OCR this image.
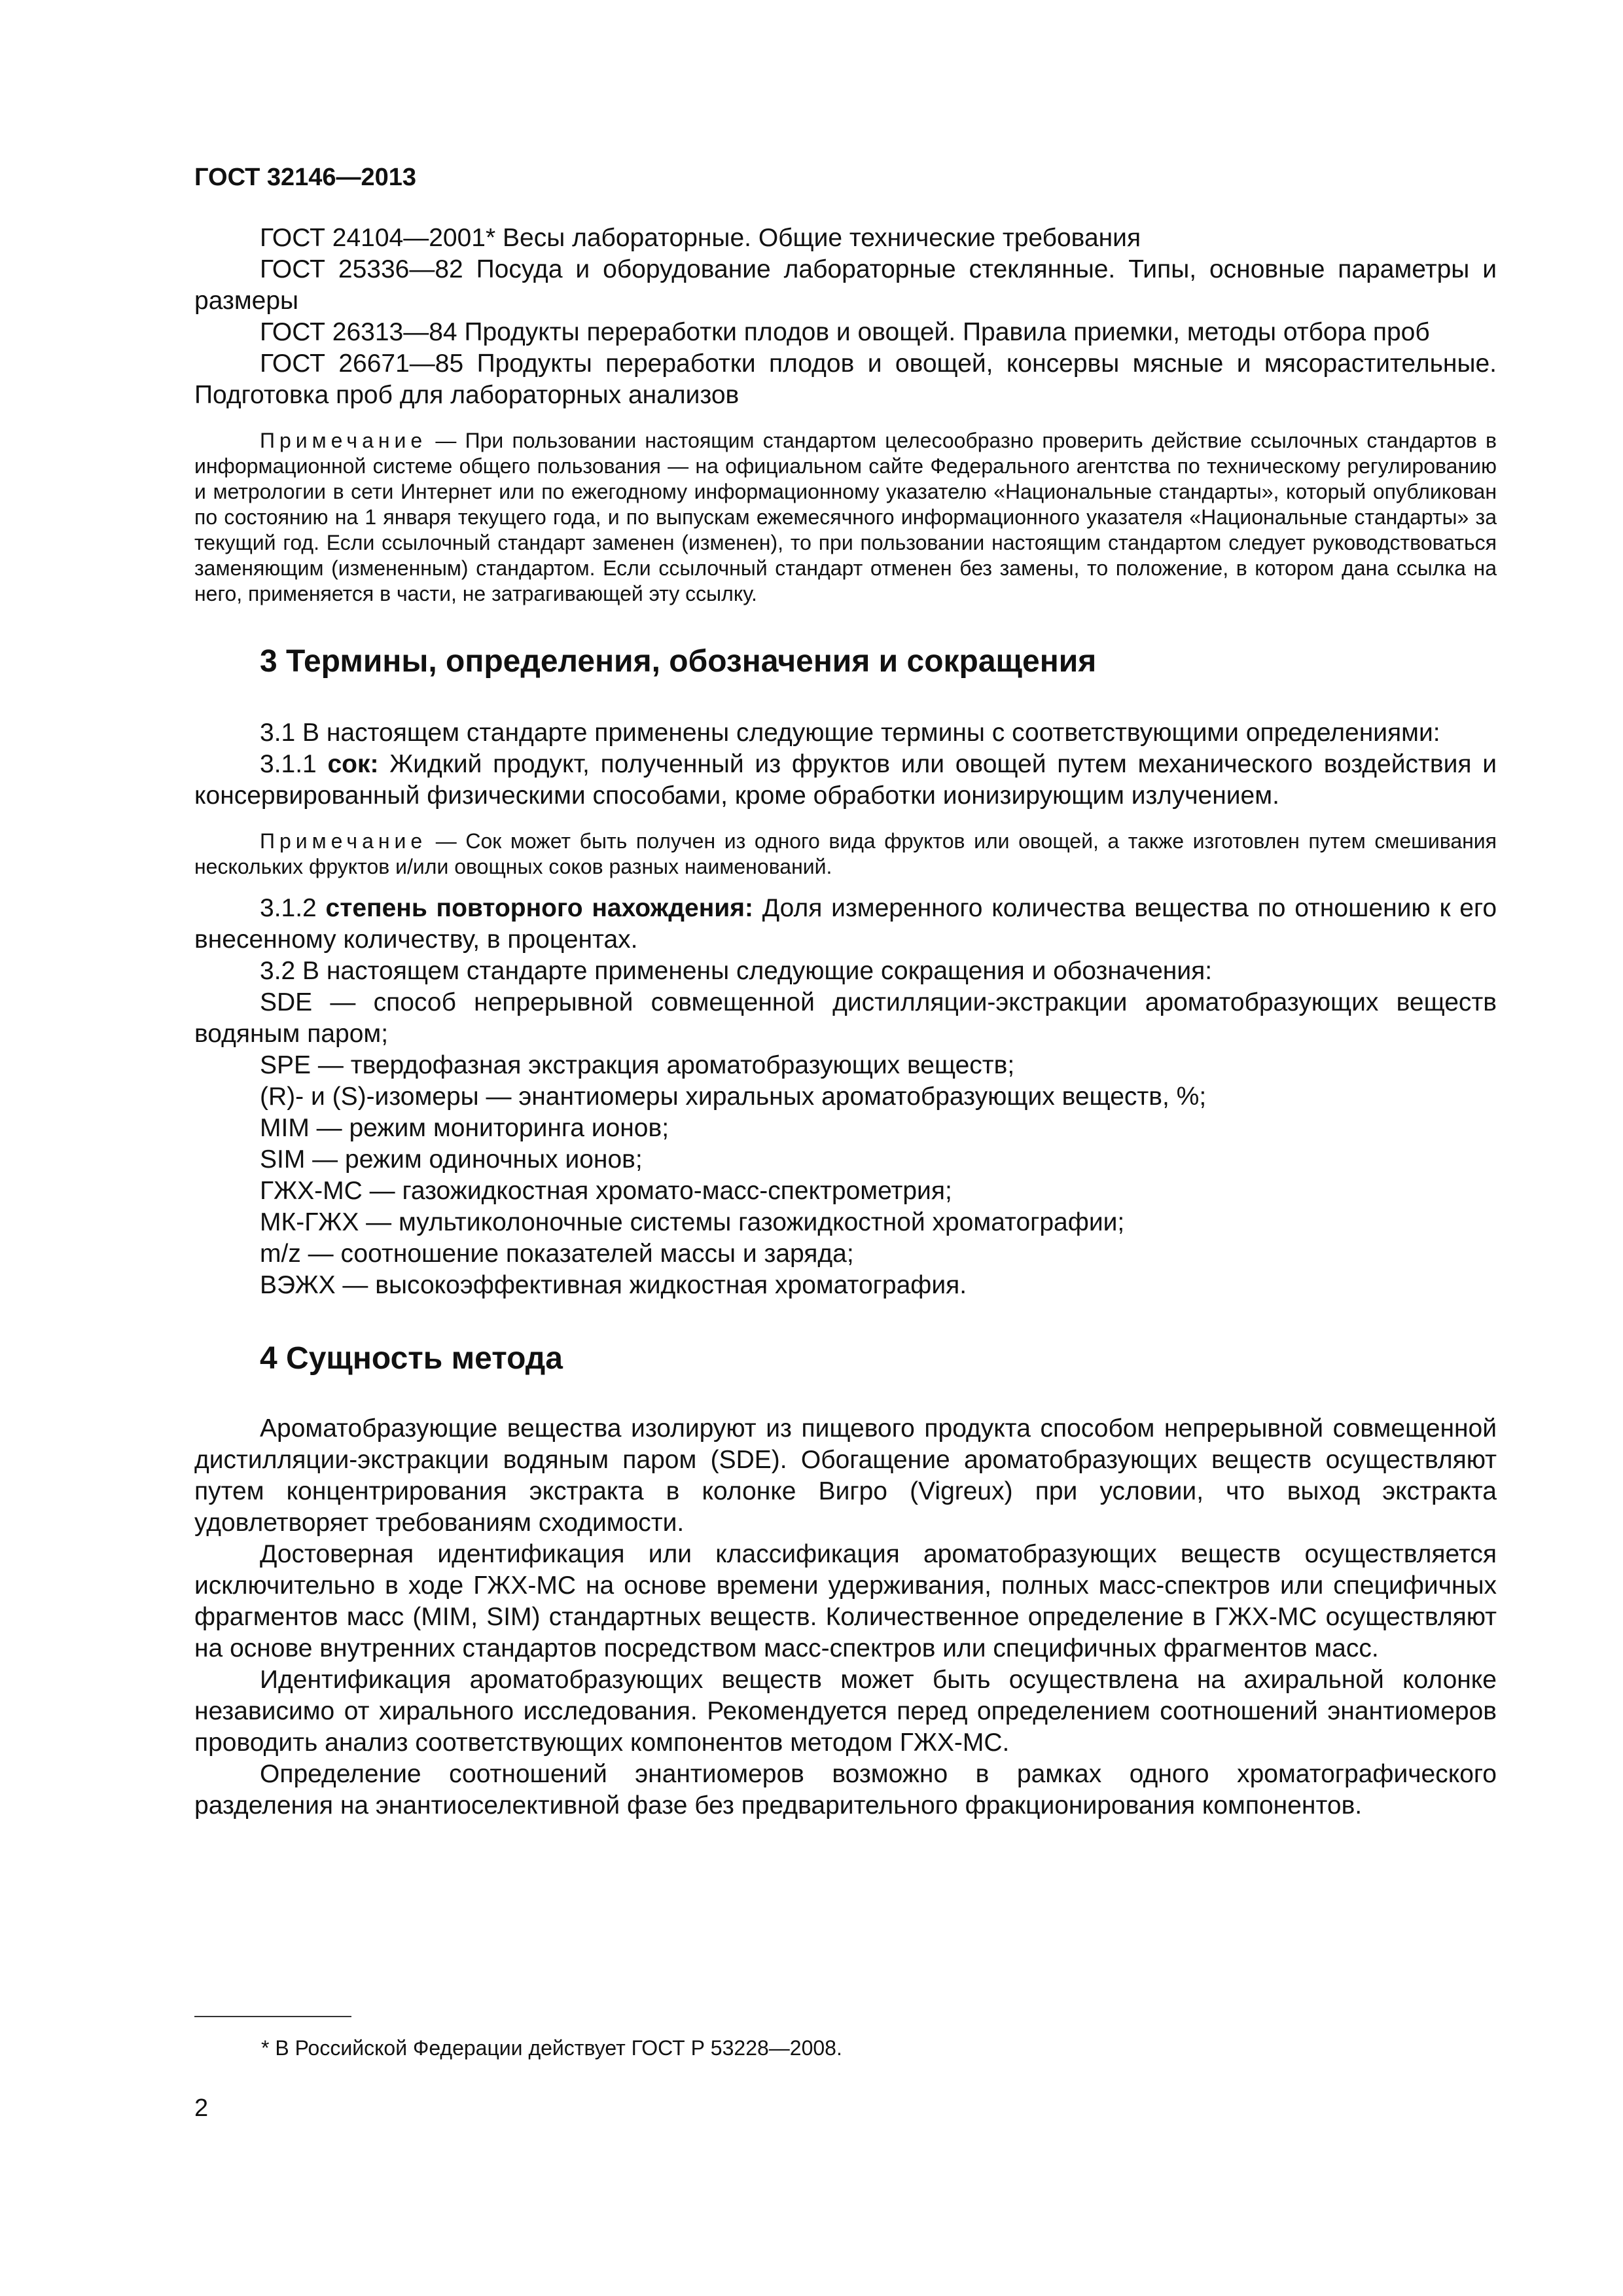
ГОСТ 32146—2013

ГОСТ 24104—2001* Весы лабораторные. Общие технические требования

ГОСТ 25336—82 Посуда и оборудование лабораторные стеклянные. Типы, основные параметры и размеры

ГОСТ 26313—84 Продукты переработки плодов и овощей. Правила приемки, методы отбора проб

ГОСТ 26671—85 Продукты переработки плодов и овощей, консервы мясные и мясорастительные. Подготовка проб для лабораторных анализов

Примечание — При пользовании настоящим стандартом целесообразно проверить действие ссылочных стандартов в информационной системе общего пользования — на официальном сайте Федерального агентства по техническому регулированию и метрологии в сети Интернет или по ежегодному информационному указателю «Национальные стандарты», который опубликован по состоянию на 1 января текущего года, и по выпускам ежемесячного информационного указателя «Национальные стандарты» за текущий год. Если ссылочный стандарт заменен (изменен), то при пользовании настоящим стандартом следует руководствоваться заменяющим (измененным) стандартом. Если ссылочный стандарт отменен без замены, то положение, в котором дана ссылка на него, применяется в части, не затрагивающей эту ссылку.
3 Термины, определения, обозначения и сокращения

3.1 В настоящем стандарте применены следующие термины с соответствующими определениями:

3.1.1 сок: Жидкий продукт, полученный из фруктов или овощей путем механического воздействия и консервированный физическими способами, кроме обработки ионизирующим излучением.

Примечание — Сок может быть получен из одного вида фруктов или овощей, а также изготовлен путем смешивания нескольких фруктов и/или овощных соков разных наименований.

3.1.2 степень повторного нахождения: Доля измеренного количества вещества по отношению к его внесенному количеству, в процентах.

3.2 В настоящем стандарте применены следующие сокращения и обозначения:

SDE — способ непрерывной совмещенной дистилляции-экстракции ароматобразующих веществ водяным паром;

SPE — твердофазная экстракция ароматобразующих веществ;

(R)- и (S)-изомеры — энантиомеры хиральных ароматобразующих веществ, %;

MIM — режим мониторинга ионов;

SIM — режим одиночных ионов;

ГЖХ-МС — газожидкостная хромато-масс-спектрометрия;

МК-ГЖХ — мультиколоночные системы газожидкостной хроматографии;

m/z — соотношение показателей массы и заряда;

ВЭЖХ — высокоэффективная жидкостная хроматография.

4 Сущность метода

Ароматобразующие вещества изолируют из пищевого продукта способом непрерывной совмещенной дистилляции-экстракции водяным паром (SDE). Обогащение ароматобразующих веществ осуществляют путем концентрирования экстракта в колонке Вигро (Vigreux) при условии, что выход экстракта удовлетворяет требованиям сходимости.

Достоверная идентификация или классификация ароматобразующих веществ осуществляется исключительно в ходе ГЖХ-МС на основе времени удерживания, полных масс-спектров или специфичных фрагментов масс (MIM, SIM) стандартных веществ. Количественное определение в ГЖХ-МС осуществляют на основе внутренних стандартов посредством масс-спектров или специфичных фрагментов масс.

Идентификация ароматобразующих веществ может быть осуществлена на ахиральной колонке независимо от хирального исследования. Рекомендуется перед определением соотношений энантиомеров проводить анализ соответствующих компонентов методом ГЖХ-МС.

Определение соотношений энантиомеров возможно в рамках одного хроматографического разделения на энантиоселективной фазе без предварительного фракционирования компонентов.

* В Российской Федерации действует ГОСТ Р 53228—2008.
2
